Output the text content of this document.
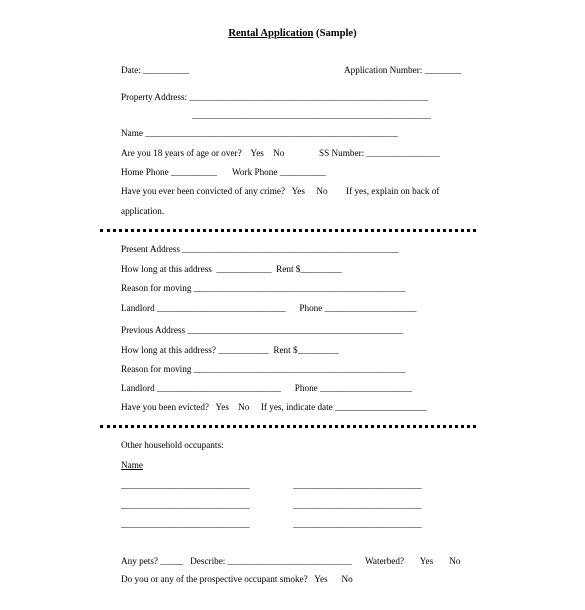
Rental Application (Sample)
Date: __________	Application Number: ________
Property Address: ____________________________________________________
____________________________________________________
Name _______________________________________________________
Are you 18 years of age or over?    Yes    No	SS Number: ________________
Home Phone __________ Work Phone __________
Have you ever been convicted of any crime?   Yes     No        If yes, explain on back of
application.
Present Address _______________________________________________
How long at this address  ____________  Rent $_________
Reason for moving ______________________________________________
Landlord ____________________________      Phone ____________________
Previous Address _______________________________________________
How long at this address? ___________  Rent $_________
Reason for moving ______________________________________________
Landlord ___________________________      Phone ____________________
Have you been evicted?   Yes    No     If yes, indicate date ____________________
Other household occupants:
Name
____________________________	____________________________
____________________________	____________________________
____________________________	____________________________
Any pets? _____   Describe: ___________________________ Waterbed?       Yes       No
Do you or any of the prospective occupant smoke?   Yes      No
